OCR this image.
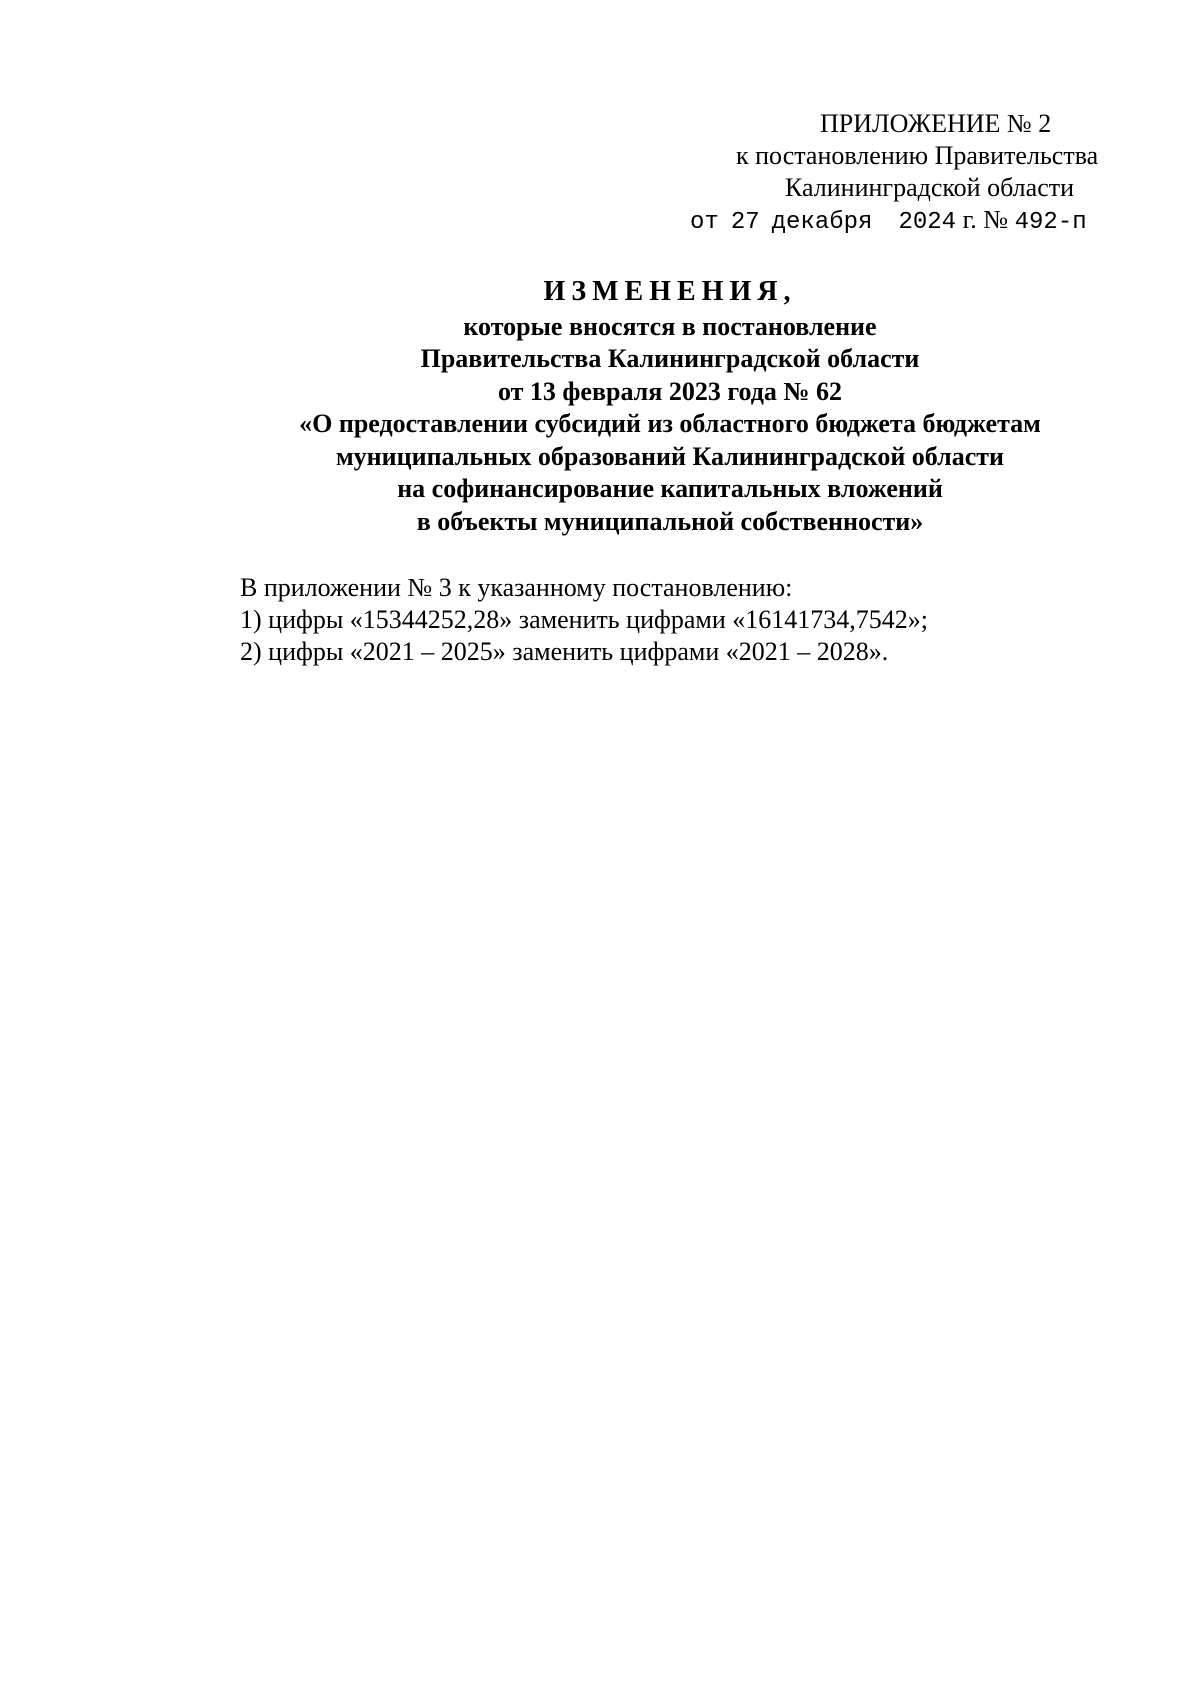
ПРИЛОЖЕНИЕ № 2
к постановлению Правительства
Калининградской области
от 27 декабря 2024 г. № 492-п
ИЗМЕНЕНИЯ,
которые вносятся в постановление
Правительства Калининградской области
от 13 февраля 2023 года № 62
«О предоставлении субсидий из областного бюджета бюджетам
муниципальных образований Калининградской области
на софинансирование капитальных вложений
в объекты муниципальной собственности»
В приложении № 3 к указанному постановлению:
1) цифры «15344252,28» заменить цифрами «16141734,7542»;
2) цифры «2021 – 2025» заменить цифрами «2021 – 2028».
